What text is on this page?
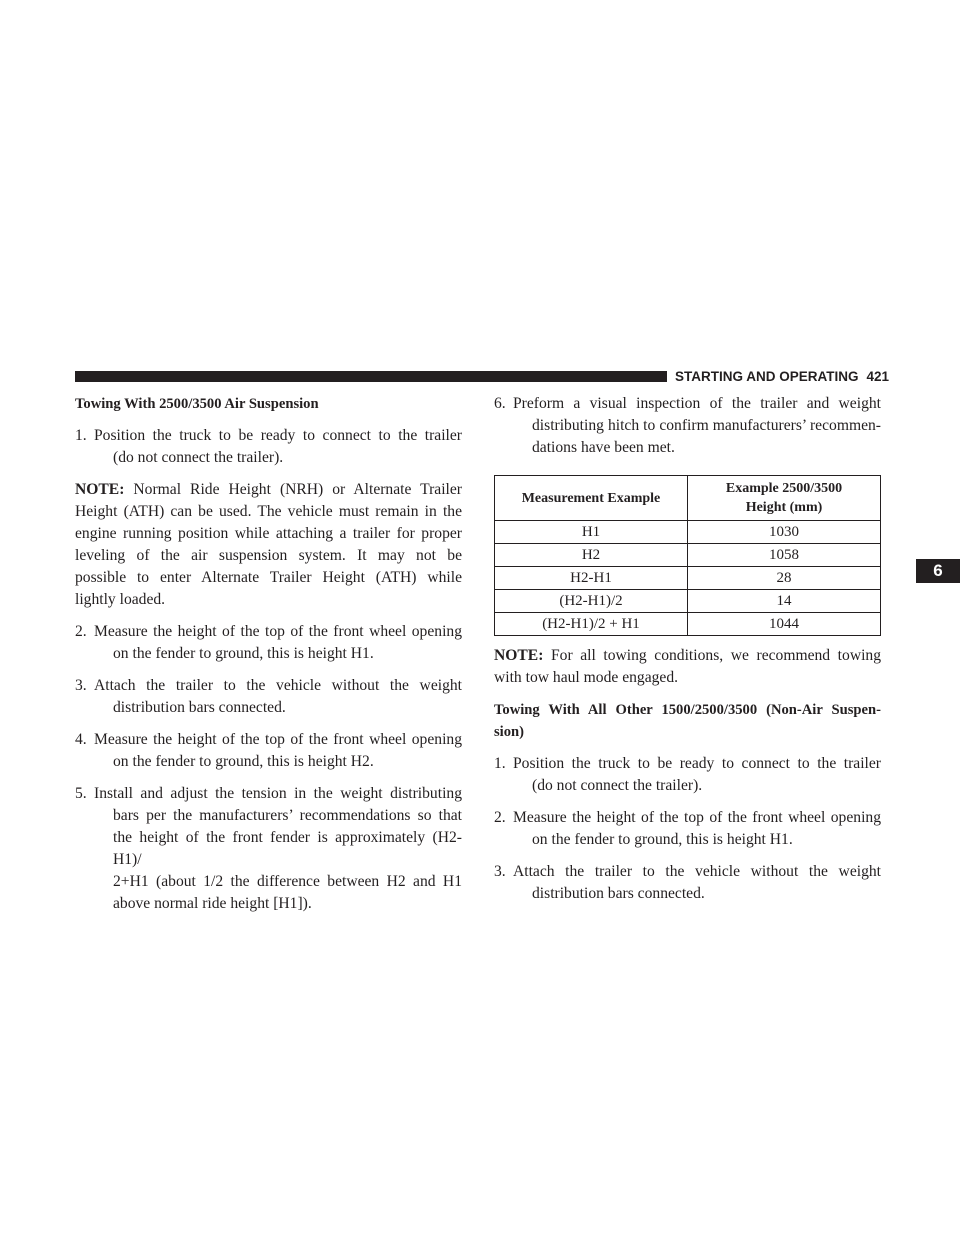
STARTING AND OPERATING 421
6

Towing With 2500/3500 Air Suspension

1. Position the truck to be ready to connect to the trailer
(do not connect the trailer).

NOTE: Normal Ride Height (NRH) or Alternate Trailer

Height (ATH) can be used. The vehicle must remain in the

engine running position while attaching a trailer for proper

leveling of the air suspension system. It may not be

possible to enter Alternate Trailer Height (ATH) while

lightly loaded.

2. Measure the height of the top of the front wheel opening
on the fender to ground, this is height H1.
3. Attach the trailer to the vehicle without the weight
distribution bars connected.
4. Measure the height of the top of the front wheel opening
on the fender to ground, this is height H2.
5. Install and adjust the tension in the weight distributing
bars per the manufacturers’ recommendations so that
the height of the front fender is approximately (H2-H1)/
2+H1 (about 1/2 the difference between H2 and H1
above normal ride height [H1]).
6. Preform a visual inspection of the trailer and weight
distributing hitch to confirm manufacturers’ recommen-
dations have been met.
Measurement Example	Example 2500/3500
Height (mm)
H1	1030
H2	1058
H2-H1	28
(H2-H1)/2	14
(H2-H1)/2 + H1	1044

NOTE: For all towing conditions, we recommend towing

with tow haul mode engaged.

Towing With All Other 1500/2500/3500 (Non-Air Suspen-

sion)

1. Position the truck to be ready to connect to the trailer
(do not connect the trailer).
2. Measure the height of the top of the front wheel opening
on the fender to ground, this is height H1.
3. Attach the trailer to the vehicle without the weight
distribution bars connected.
